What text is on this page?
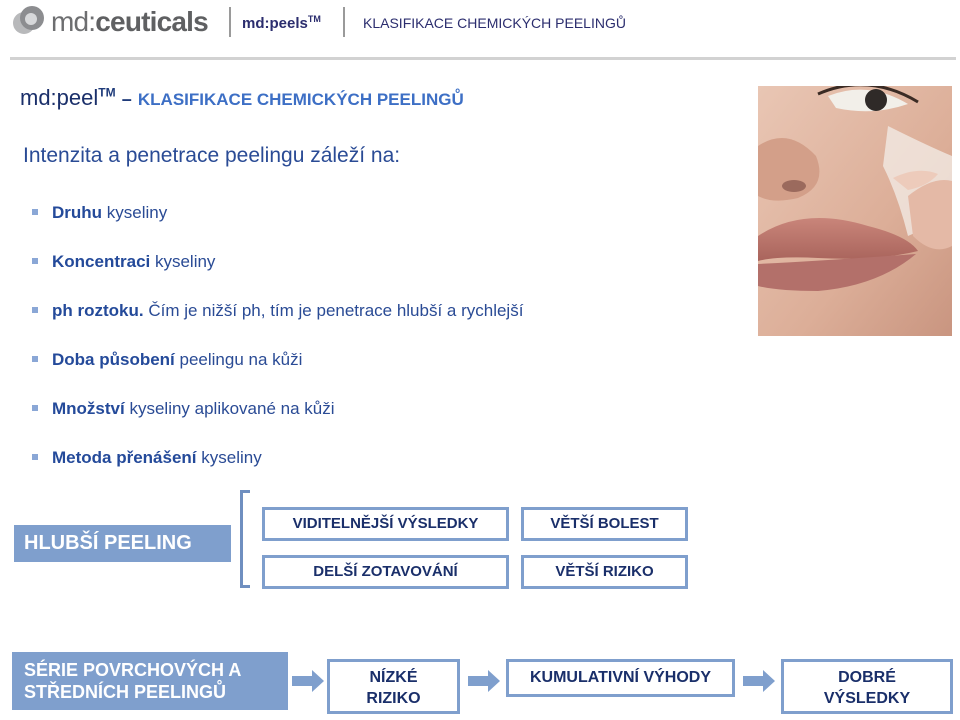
md:ceuticals md:peels™	KLASIFIKACE CHEMICKÝCH PEELINGŮ
md:peel™ – KLASIFIKACE CHEMICKÝCH PEELINGŮ
Intenzita a penetrace peelingu záleží na:
Druhu kyseliny
Koncentraci kyseliny
ph roztoku. Čím je nižší ph, tím je penetrace hlubší a rychlejší
Doba působení peelingu na kůži
Množství kyseliny aplikované na kůži
Metoda přenášení kyseliny
HLUBŠÍ PEELING
VIDITELNĚJŠÍ VÝSLEDKY	VĚTŠÍ BOLEST
DELŠÍ ZOTAVOVÁNÍ	VĚTŠÍ RIZIKO
SÉRIE POVRCHOVÝCH A
STŘEDNÍCH PEELINGŮ
NÍZKÉ
RIZIKO
KUMULATIVNÍ VÝHODY	DOBRÉ
VÝSLEDKY
